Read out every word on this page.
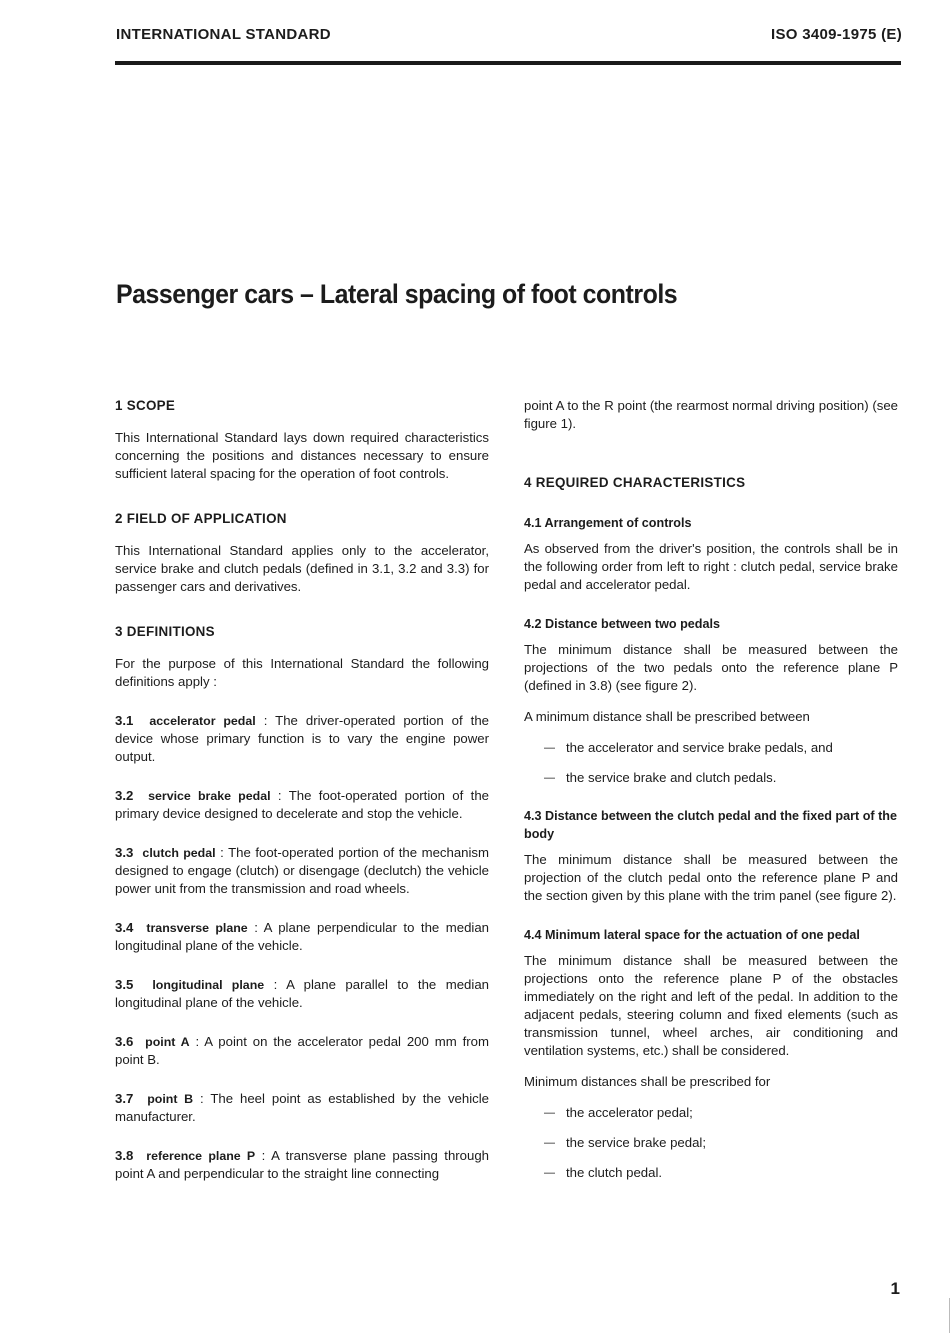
INTERNATIONAL STANDARD	ISO 3409-1975 (E)
Passenger cars – Lateral spacing of foot controls
1 SCOPE

This International Standard lays down required characteristics concerning the positions and distances necessary to ensure sufficient lateral spacing for the operation of foot controls.

2 FIELD OF APPLICATION

This International Standard applies only to the accelerator, service brake and clutch pedals (defined in 3.1, 3.2 and 3.3) for passenger cars and derivatives.

3 DEFINITIONS

For the purpose of this International Standard the following definitions apply :

3.1 accelerator pedal : The driver-operated portion of the device whose primary function is to vary the engine power output.

3.2 service brake pedal : The foot-operated portion of the primary device designed to decelerate and stop the vehicle.

3.3 clutch pedal : The foot-operated portion of the mechanism designed to engage (clutch) or disengage (declutch) the vehicle power unit from the transmission and road wheels.

3.4 transverse plane : A plane perpendicular to the median longitudinal plane of the vehicle.

3.5 longitudinal plane : A plane parallel to the median longitudinal plane of the vehicle.

3.6 point A : A point on the accelerator pedal 200 mm from point B.

3.7 point B : The heel point as established by the vehicle manufacturer.

3.8 reference plane P : A transverse plane passing through point A and perpendicular to the straight line connecting

point A to the R point (the rearmost normal driving position) (see figure 1).

4 REQUIRED CHARACTERISTICS
4.1 Arrangement of controls

As observed from the driver's position, the controls shall be in the following order from left to right : clutch pedal, service brake pedal and accelerator pedal.

4.2 Distance between two pedals

The minimum distance shall be measured between the projections of the two pedals onto the reference plane P (defined in 3.8) (see figure 2).

A minimum distance shall be prescribed between

— the accelerator and service brake pedals, and
— the service brake and clutch pedals.
4.3 Distance between the clutch pedal and the fixed part of the body

The minimum distance shall be measured between the projection of the clutch pedal onto the reference plane P and the section given by this plane with the trim panel (see figure 2).

4.4 Minimum lateral space for the actuation of one pedal

The minimum distance shall be measured between the projections onto the reference plane P of the obstacles immediately on the right and left of the pedal. In addition to the adjacent pedals, steering column and fixed elements (such as transmission tunnel, wheel arches, air conditioning and ventilation systems, etc.) shall be considered.

Minimum distances shall be prescribed for

— the accelerator pedal;
— the service brake pedal;
— the clutch pedal.
1
